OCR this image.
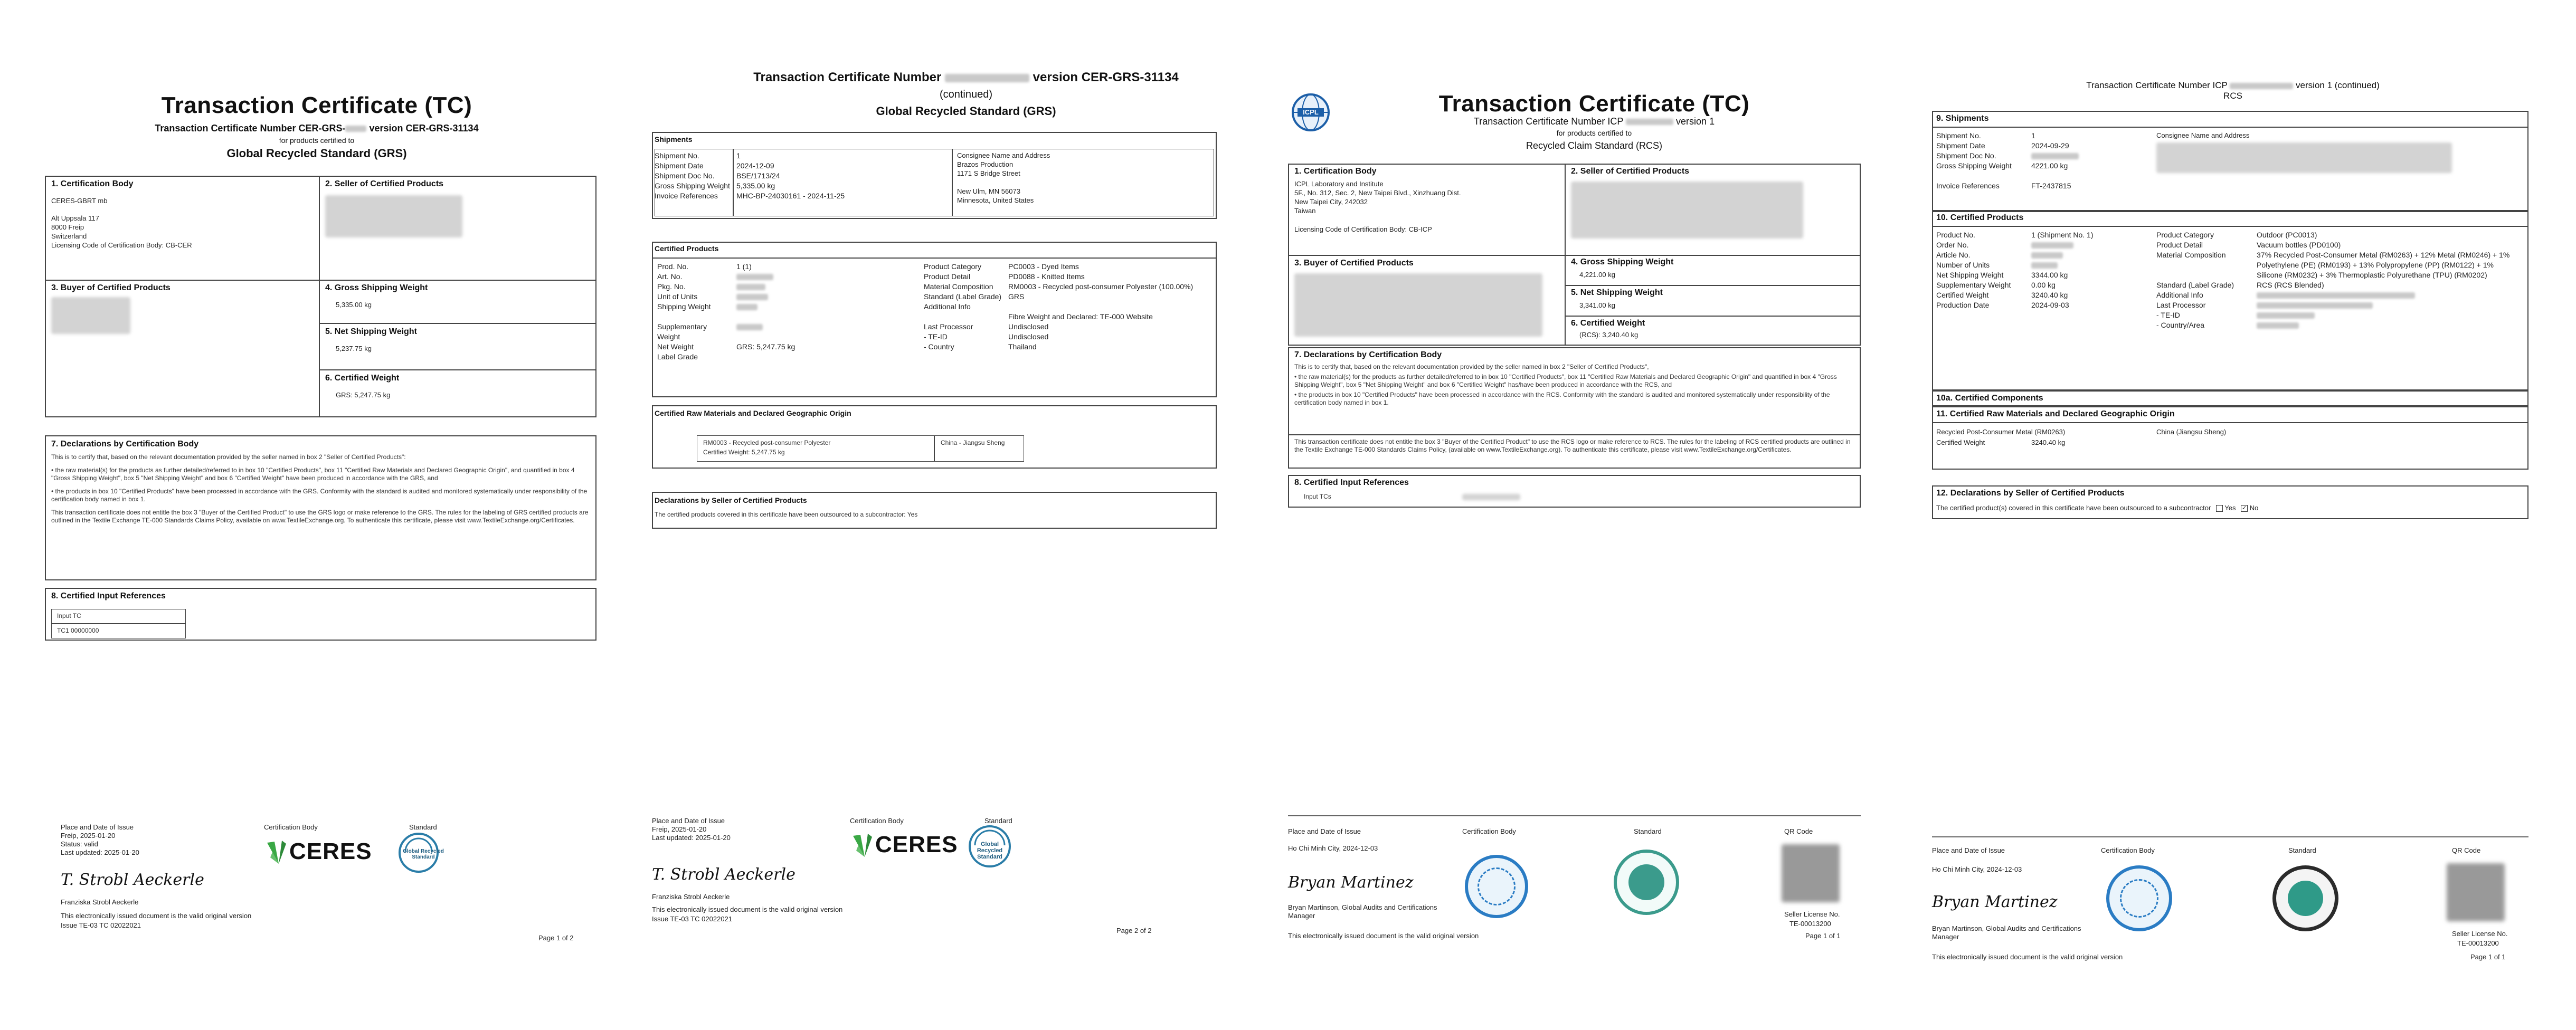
Transaction Certificate (TC)
Transaction Certificate Number CER-GRS- version CER-GRS-31134
for products certified to
Global Recycled Standard (GRS)
1. Certification Body
CERES-GBRT mb
Alt Uppsala 117
8000 Freip
Switzerland
Licensing Code of Certification Body: CB-CER
2. Seller of Certified Products
3. Buyer of Certified Products	4. Gross Shipping Weight
5,335.00 kg
5. Net Shipping Weight
5,237.75 kg
6. Certified Weight
GRS: 5,247.75 kg
7. Declarations by Certification Body
This is to certify that, based on the relevant documentation provided by the seller named in box 2 "Seller of Certified Products":
• the raw material(s) for the products as further detailed/referred to in box 10 "Certified Products", box 11 "Certified Raw Materials and Declared Geographic Origin", and quantified in box 4 "Gross Shipping Weight", box 5 "Net Shipping Weight" and box 6 "Certified Weight" have been produced in accordance with the GRS, and
• the products in box 10 "Certified Products" have been processed in accordance with the GRS. Conformity with the standard is audited and monitored systematically under responsibility of the certification body named in box 1.
This transaction certificate does not entitle the box 3 "Buyer of the Certified Product" to use the GRS logo or make reference to the GRS. The rules for the labeling of GRS certified products are outlined in the Textile Exchange TE-000 Standards Claims Policy, available on www.TextileExchange.org. To authenticate this certificate, please visit www.TextileExchange.org/Certificates.
8. Certified Input References
Input TC
TC1 00000000
Place and Date of Issue
Freip, 2025-01-20
Status: valid
Last updated: 2025-01-20
T. Strobl Aeckerle
Franziska Strobl Aeckerle
This electronically issued document is the valid original version
Issue TE-03 TC 02022021
Certification Body
CERES
Standard
Global Recycled Standard
Page 1 of 2
Transaction Certificate Number	version CER-GRS-31134
(continued)
Global Recycled Standard (GRS)
Shipments
Shipment No.	1
Shipment Date	2024-12-09
Shipment Doc No.	BSE/1713/24
Gross Shipping Weight	5,335.00 kg
Invoice References	MHC-BP-24030161 - 2024-11-25
Consignee Name and Address
Brazos Production
1171 S Bridge Street
New Ulm, MN 56073
Minnesota, United States
Certified Products
Prod. No.	1 (1)
Art. No.	
Pkg. No.	
Unit of Units	
Shipping Weight	

Supplementary Weight	
Net Weight	GRS: 5,247.75 kg
Label Grade	
Product Category	PC0003 - Dyed Items
Product Detail	PD0088 - Knitted Items
Material Composition	RM0003 - Recycled post-consumer Polyester (100.00%)
Standard (Label Grade)	GRS
Additional Info	
	Fibre Weight and Declared: TE-000 Website
Last Processor	Undisclosed
- TE-ID	Undisclosed
- Country	Thailand
Certified Raw Materials and Declared Geographic Origin
RM0003 - Recycled post-consumer Polyester
Certified Weight: 5,247.75 kg
China - Jiangsu Sheng
Declarations by Seller of Certified Products
The certified products covered in this certificate have been outsourced to a subcontractor: Yes
Place and Date of Issue
Freip, 2025-01-20
Last updated: 2025-01-20
T. Strobl Aeckerle
Franziska Strobl Aeckerle
This electronically issued document is the valid original version
Issue TE-03 TC 02022021
Certification Body
CERES
Standard
Global Recycled Standard
Page 2 of 2
ICPL	Transaction Certificate (TC)
Transaction Certificate Number ICP	version 1
for products certified to
Recycled Claim Standard (RCS)
1. Certification Body
ICPL Laboratory and Institute
5F., No. 312, Sec. 2, New Taipei Blvd., Xinzhuang Dist.
New Taipei City, 242032
Taiwan
Licensing Code of Certification Body: CB-ICP
2. Seller of Certified Products
3. Buyer of Certified Products	4. Gross Shipping Weight
4,221.00 kg
5. Net Shipping Weight
3,341.00 kg
6. Certified Weight
(RCS): 3,240.40 kg
7. Declarations by Certification Body
This is to certify that, based on the relevant documentation provided by the seller named in box 2 "Seller of Certified Products",
• the raw material(s) for the products as further detailed/referred to in box 10 "Certified Products", box 11 "Certified Raw Materials and Declared Geographic Origin" and quantified in box 4 "Gross Shipping Weight", box 5 "Net Shipping Weight" and box 6 "Certified Weight" has/have been produced in accordance with the RCS, and
• the products in box 10 "Certified Products" have been processed in accordance with the RCS. Conformity with the standard is audited and monitored systematically under responsibility of the certification body named in box 1.
This transaction certificate does not entitle the box 3 "Buyer of the Certified Product" to use the RCS logo or make reference to RCS. The rules for the labeling of RCS certified products are outlined in the Textile Exchange TE-000 Standards Claims Policy, (available on www.TextileExchange.org). To authenticate this certificate, please visit www.TextileExchange.org/Certificates.
8. Certified Input References
Input TCs
Place and Date of Issue
Ho Chi Minh City, 2024-12-03
Bryan Martinez
Bryan Martinson, Global Audits and Certifications Manager
This electronically issued document is the valid original version
Certification Body	Standard	QR Code
Seller License No.
TE-00013200
Page 1 of 1
Transaction Certificate Number ICP	version 1 (continued)
RCS
9. Shipments
Shipment No.	1
Shipment Date	2024-09-29
Shipment Doc No.	
Gross Shipping Weight	4221.00 kg

Invoice References	FT-2437815
Consignee Name and Address
10. Certified Products
Product No.	1 (Shipment No. 1)
Order No.	
Article No.	
Number of Units	
Net Shipping Weight	3344.00 kg
Supplementary Weight	0.00 kg
Certified Weight	3240.40 kg
Production Date	2024-09-03
Product Category	Outdoor (PC0013)
Product Detail	Vacuum bottles (PD0100)
Material Composition	37% Recycled Post-Consumer Metal (RM0263) + 12% Metal (RM0246) + 1% Polyethylene (PE) (RM0193) + 13% Polypropylene (PP) (RM0122) + 1% Silicone (RM0232) + 3% Thermoplastic Polyurethane (TPU) (RM0202)
Standard (Label Grade)	RCS (RCS Blended)
Additional Info	
Last Processor	
- TE-ID	
- Country/Area	
10a. Certified Components
11. Certified Raw Materials and Declared Geographic Origin
Recycled Post-Consumer Metal (RM0263)	China (Jiangsu Sheng)
Certified Weight	3240.40 kg
12. Declarations by Seller of Certified Products
The certified product(s) covered in this certificate have been outsourced to a subcontractor Yes ✓ No
Place and Date of Issue
Ho Chi Minh City, 2024-12-03
Bryan Martinez
Bryan Martinson, Global Audits and Certifications Manager
This electronically issued document is the valid original version
Certification Body	Standard	QR Code
Seller License No.
TE-00013200
Page 1 of 1
